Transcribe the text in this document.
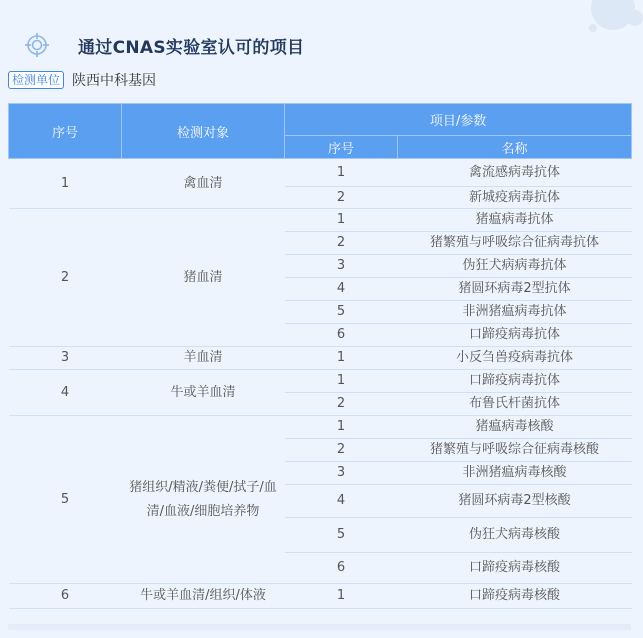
通过CNAS实验室认可的项目
检测单位 陕西中科基因
序号	检测对象	项目/参数	
		序号	名称
1	禽血清	1	禽流感病毒抗体
		2	新城疫病毒抗体
2	猪血清	1	猪瘟病毒抗体
		2	猪繁殖与呼吸综合征病毒抗体
		3	伪狂犬病病毒抗体
		4	猪圆环病毒2型抗体
		5	非洲猪瘟病毒抗体
		6	口蹄疫病毒抗体
3	羊血清	1	小反刍兽疫病毒抗体
4	牛或羊血清	1	口蹄疫病毒抗体
		2	布鲁氏杆菌抗体
5	猪组织/精液/粪便/拭子/血清/血液/细胞培养物	1	猪瘟病毒核酸
		2	猪繁殖与呼吸综合征病毒核酸
		3	非洲猪瘟病毒核酸
		4	猪圆环病毒2型核酸
		5	伪狂犬病毒核酸
		6	口蹄疫病毒核酸
6	牛或羊血清/组织/体液	1	口蹄疫病毒核酸
